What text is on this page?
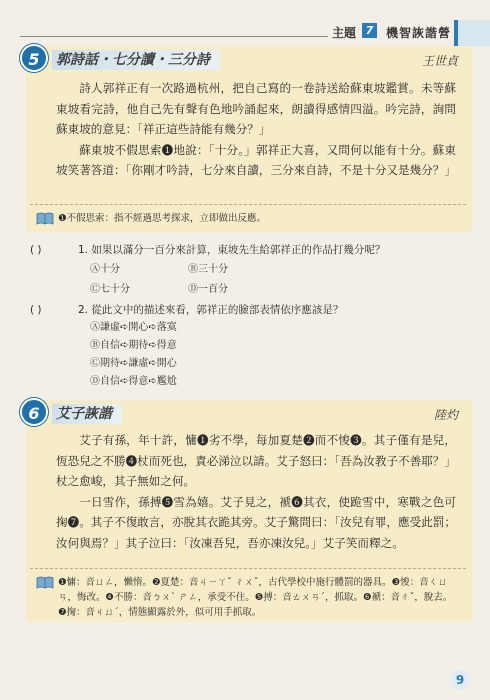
主題 7	機智詼諧營
5	郭詩話・七分讀・三分詩	王世貞

詩人郭祥正有一次路過杭州，把自己寫的一卷詩送給蘇東坡鑑賞。未等蘇東坡看完詩，他自己先有聲有色地吟誦起來，朗讀得感情四溢。吟完詩，詢問蘇東坡的意見：「祥正這些詩能有幾分？」

蘇東坡不假思索❶地說：「十分。」郭祥正大喜，又問何以能有十分。蘇東坡笑著答道：「你剛才吟詩，七分來自讀，三分來自詩，不是十分又是幾分？」

❶不假思索：指不經過思考探求，立即做出反應。
( )	1. 如果以滿分一百分來計算，東坡先生給郭祥正的作品打幾分呢？
Ⓐ十分	Ⓑ三十分
Ⓒ七十分	Ⓓ一百分
( )	2. 從此文中的描述來看，郭祥正的臉部表情依序應該是？
Ⓐ謙虛➪開心➪落寞
Ⓑ自信➪期待➪得意
Ⓒ期待➪謙虛➪開心
Ⓓ自信➪得意➪尷尬
6	艾子詼諧	陸灼

艾子有孫，年十許，慵❶劣不學，每加夏楚❷而不悛❸。其子僅有是兒，恆恐兒之不勝❹杖而死也，責必涕泣以請。艾子怒曰：「吾為汝教子不善耶？」杖之愈峻，其子無如之何。

一日雪作，孫搏❺雪為嬉。艾子見之，褫❻其衣，使跪雪中，寒戰之色可掬❼。其子不復敢言，亦脫其衣跪其旁。艾子驚問曰：「汝兒有罪，應受此罰；汝何與焉？」其子泣曰：「汝凍吾兒，吾亦凍汝兒。」艾子笑而釋之。

❶慵：音ㄩㄥ，懶惰。❷夏楚：音ㄐㄧㄚˇ ㄔㄨˇ，古代學校中施行體罰的器具。❸悛：音ㄑㄩㄢ，悔改。❹不勝：音ㄅㄨˋ ㄕㄥ，承受不住。❺搏：音ㄊㄨㄢˊ，抓取。❻褫：音ㄔˇ，脫去。❼掬：音ㄐㄩˊ，情態顯露於外，似可用手抓取。
9
